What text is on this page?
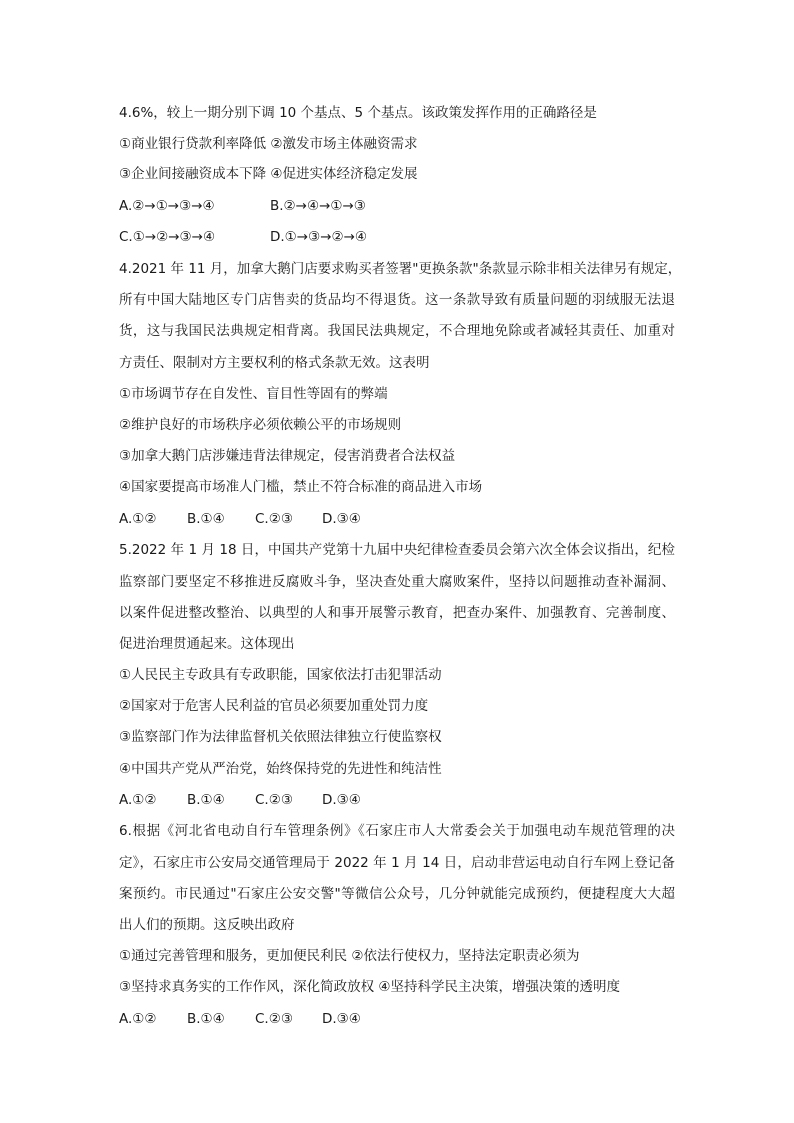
4.6%，较上一期分别下调 10 个基点、5 个基点。该政策发挥作用的正确路径是
①商业银行贷款利率降低 ②激发市场主体融资需求
③企业间接融资成本下降 ④促进实体经济稳定发展
A.②→①→③→④	B.②→④→①→③
C.①→②→③→④	D.①→③→②→④
4.2021 年 11 月，加拿大鹅门店要求购买者签署"更换条款"条款显示除非相关法律另有规定，
所有中国大陆地区专门店售卖的货品均不得退货。这一条款导致有质量问题的羽绒服无法退
货，这与我国民法典规定相背离。我国民法典规定，不合理地免除或者减轻其责任、加重对
方责任、限制对方主要权利的格式条款无效。这表明
①市场调节存在自发性、盲目性等固有的弊端
②维护良好的市场秩序必须依赖公平的市场规则
③加拿大鹅门店涉嫌违背法律规定，侵害消费者合法权益
④国家要提高市场准人门槛，禁止不符合标准的商品进入市场
A.①② B.①④ C.②③ D.③④
5.2022 年 1 月 18 日，中国共产党第十九届中央纪律检查委员会第六次全体会议指出，纪检
监察部门要坚定不移推进反腐败斗争，坚决查处重大腐败案件，坚持以问题推动查补漏洞、
以案件促进整改整治、以典型的人和事开展警示教育，把查办案件、加强教育、完善制度、
促进治理贯通起来。这体现出
①人民民主专政具有专政职能，国家依法打击犯罪活动
②国家对于危害人民利益的官员必须要加重处罚力度
③监察部门作为法律监督机关依照法律独立行使监察权
④中国共产党从严治党，始终保持党的先进性和纯洁性
A.①② B.①④ C.②③ D.③④
6.根据《河北省电动自行车管理条例》《石家庄市人大常委会关于加强电动车规范管理的决
定》，石家庄市公安局交通管理局于 2022 年 1 月 14 日，启动非营运电动自行车网上登记备
案预约。市民通过"石家庄公安交警"等微信公众号，几分钟就能完成预约，便捷程度大大超
出人们的预期。这反映出政府
①通过完善管理和服务，更加便民利民 ②依法行使权力，坚持法定职责必须为
③坚持求真务实的工作作风，深化简政放权 ④坚持科学民主决策，增强决策的透明度
A.①② B.①④ C.②③ D.③④
